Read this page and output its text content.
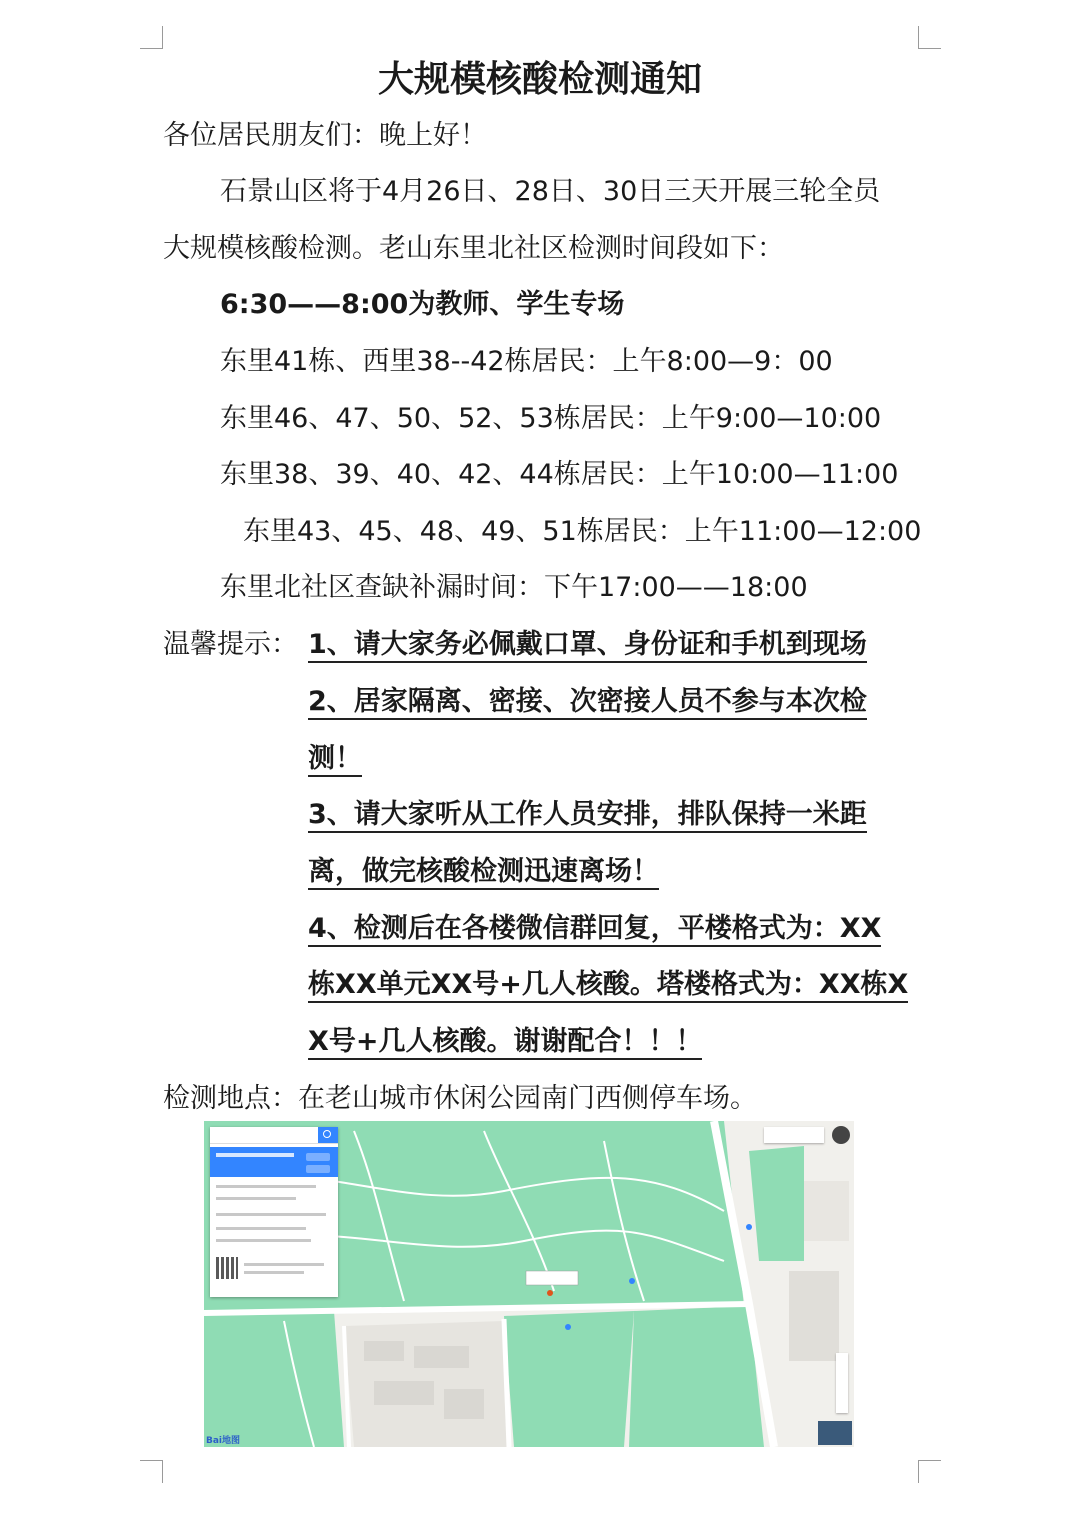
大规模核酸检测通知
各位居民朋友们：晚上好！
石景山区将于4月26日、28日、30日三天开展三轮全员
大规模核酸检测。老山东里北社区检测时间段如下：
6:30——8:00为教师、学生专场
东里41栋、西里38--42栋居民：上午8:00—9：00
东里46、47、50、52、53栋居民：上午9:00—10:00
东里38、39、40、42、44栋居民：上午10:00—11:00
东里43、45、48、49、51栋居民：上午11:00—12:00
东里北社区查缺补漏时间：下午17:00——18:00
温馨提示： 1、请大家务必佩戴口罩、身份证和手机到现场
2、居家隔离、密接、次密接人员不参与本次检
测！
3、请大家听从工作人员安排，排队保持一米距
离，做完核酸检测迅速离场！
4、检测后在各楼微信群回复，平楼格式为：XX
栋XX单元XX号+几人核酸。塔楼格式为：XX栋X
X号+几人核酸。谢谢配合！！！
检测地点：在老山城市休闲公园南门西侧停车场。
Bai地图
